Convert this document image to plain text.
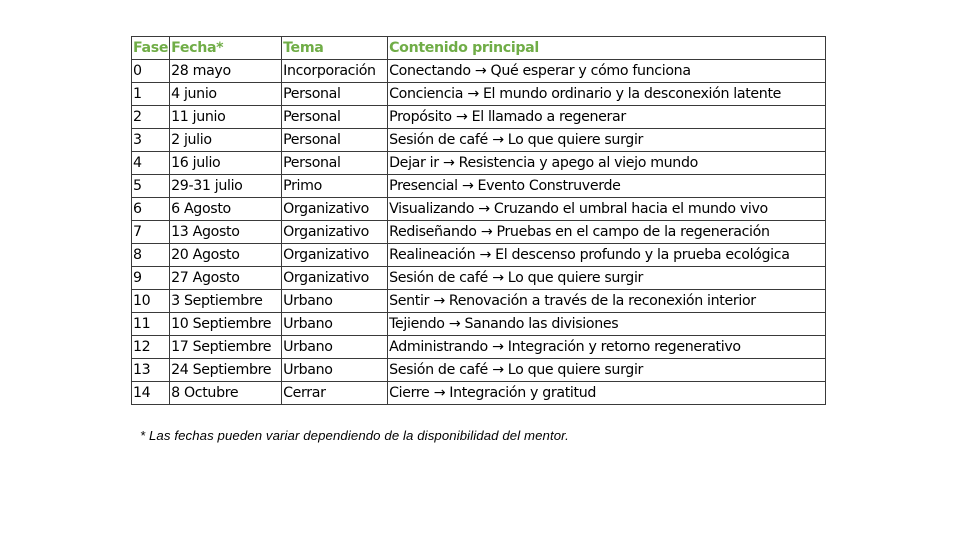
Fase	Fecha*	Tema	Contenido principal
0	28 mayo	Incorporación	Conectando → Qué esperar y cómo funciona
1	4 junio	Personal	Conciencia → El mundo ordinario y la desconexión latente
2	11 junio	Personal	Propósito → El llamado a regenerar
3	2 julio	Personal	Sesión de café → Lo que quiere surgir
4	16 julio	Personal	Dejar ir → Resistencia y apego al viejo mundo
5	29-31 julio	Primo	Presencial → Evento Construverde
6	6 Agosto	Organizativo	Visualizando → Cruzando el umbral hacia el mundo vivo
7	13 Agosto	Organizativo	Rediseñando → Pruebas en el campo de la regeneración
8	20 Agosto	Organizativo	Realineación → El descenso profundo y la prueba ecológica
9	27 Agosto	Organizativo	Sesión de café → Lo que quiere surgir
10	3 Septiembre	Urbano	Sentir → Renovación a través de la reconexión interior
11	10 Septiembre	Urbano	Tejiendo → Sanando las divisiones
12	17 Septiembre	Urbano	Administrando → Integración y retorno regenerativo
13	24 Septiembre	Urbano	Sesión de café → Lo que quiere surgir
14	8 Octubre	Cerrar	Cierre → Integración y gratitud
* Las fechas pueden variar dependiendo de la disponibilidad del mentor.
